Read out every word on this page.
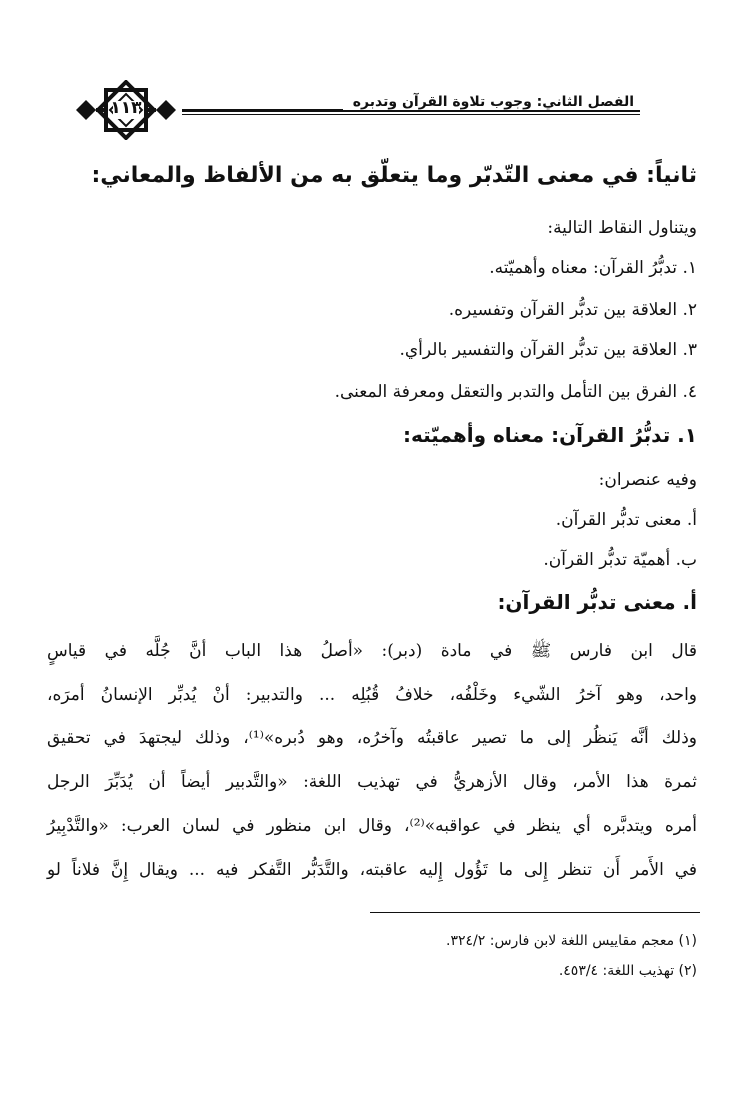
١١٣	الفصل الثاني: وجوب تلاوة القرآن وتدبره
ثانياً: في معنى التّدبّر وما يتعلّق به من الألفاظ والمعاني:
ويتناول النقاط التالية:
١. تدبُّرُ القرآن: معناه وأهميّته.
٢. العلاقة بين تدبُّر القرآن وتفسيره.
٣. العلاقة بين تدبُّر القرآن والتفسير بالرأي.
٤. الفرق بين التأمل والتدبر والتعقل ومعرفة المعنى.
١. تدبُّرُ القرآن: معناه وأهميّته:
وفيه عنصران:
أ. معنى تدبُّر القرآن.
ب. أهميّة تدبُّر القرآن.
أ. معنى تدبُّر القرآن:
قال ابن فارس ﷺ في مادة (دبر): «أصلُ هذا الباب أنَّ جُلَّه في قياسٍ
واحد، وهو آخرُ الشّيء وخَلْفُه، خلافُ قُبُلِه ... والتدبير: أنْ يُدبِّر الإنسانُ أمرَه،
وذلك أنَّه يَنظُر إلى ما تصير عاقبتُه وآخرُه، وهو دُبره»⁽¹⁾، وذلك ليجتهدَ في تحقيق
ثمرة هذا الأمر، وقال الأزهريُّ في تهذيب اللغة: «والتَّدبير أيضاً أن يُدَبِّرَ الرجل
أمره ويتدبَّره أي ينظر في عواقبه»⁽²⁾، وقال ابن منظور في لسان العرب: «والتَّدْبِيرُ
في الأَمر أَن تنظر إِلى ما تَؤُول إِليه عاقبته، والتَّدَبُّر التَّفكر فيه ... ويقال إِنَّ فلاناً لو
(١) معجم مقاييس اللغة لابن فارس: ٣٢٤/٢.
(٢) تهذيب اللغة: ٤٥٣/٤.
